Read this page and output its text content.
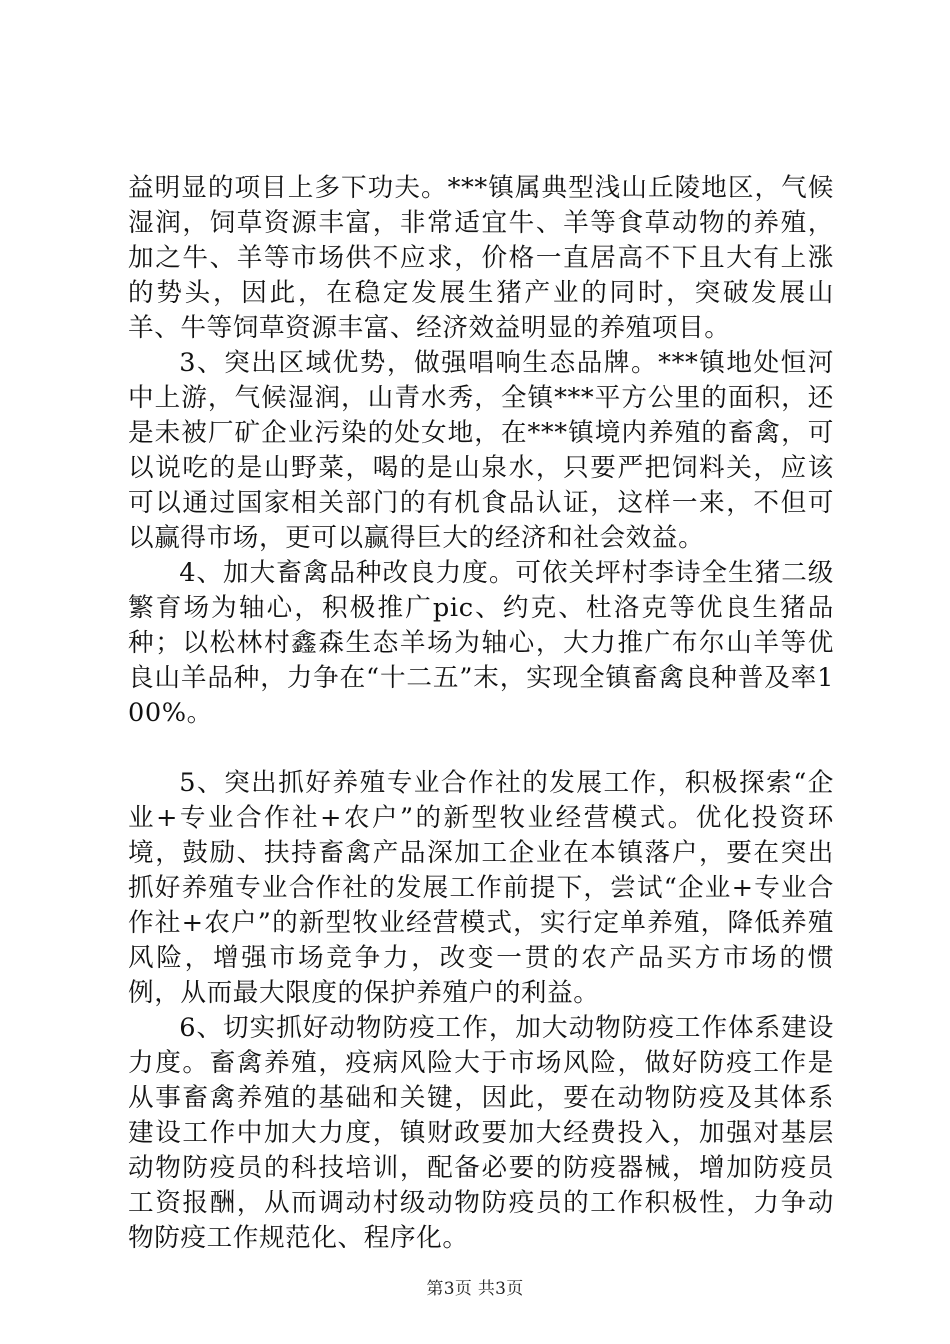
益明显的项目上多下功夫。***镇属典型浅山丘陵地区，气候湿润，饲草资源丰富，非常适宜牛、羊等食草动物的养殖，加之牛、羊等市场供不应求，价格一直居高不下且大有上涨的势头，因此，在稳定发展生猪产业的同时，突破发展山羊、牛等饲草资源丰富、经济效益明显的养殖项目。

3、突出区域优势，做强唱响生态品牌。***镇地处恒河中上游，气候湿润，山青水秀，全镇***平方公里的面积，还是未被厂矿企业污染的处女地，在***镇境内养殖的畜禽，可以说吃的是山野菜，喝的是山泉水，只要严把饲料关，应该可以通过国家相关部门的有机食品认证，这样一来，不但可以赢得市场，更可以赢得巨大的经济和社会效益。

4、加大畜禽品种改良力度。可依关坪村李诗全生猪二级繁育场为轴心，积极推广pic、约克、杜洛克等优良生猪品种；以松林村鑫森生态羊场为轴心，大力推广布尔山羊等优良山羊品种，力争在“十二五”末，实现全镇畜禽良种普及率100%。

5、突出抓好养殖专业合作社的发展工作，积极探索“企业+专业合作社+农户”的新型牧业经营模式。优化投资环境，鼓励、扶持畜禽产品深加工企业在本镇落户，要在突出抓好养殖专业合作社的发展工作前提下，尝试“企业+专业合作社+农户”的新型牧业经营模式，实行定单养殖，降低养殖风险，增强市场竞争力，改变一贯的农产品买方市场的惯例，从而最大限度的保护养殖户的利益。

6、切实抓好动物防疫工作，加大动物防疫工作体系建设力度。畜禽养殖，疫病风险大于市场风险，做好防疫工作是从事畜禽养殖的基础和关键，因此，要在动物防疫及其体系建设工作中加大力度，镇财政要加大经费投入，加强对基层动物防疫员的科技培训，配备必要的防疫器械，增加防疫员工资报酬，从而调动村级动物防疫员的工作积极性，力争动物防疫工作规范化、程序化。

第3页 共3页
